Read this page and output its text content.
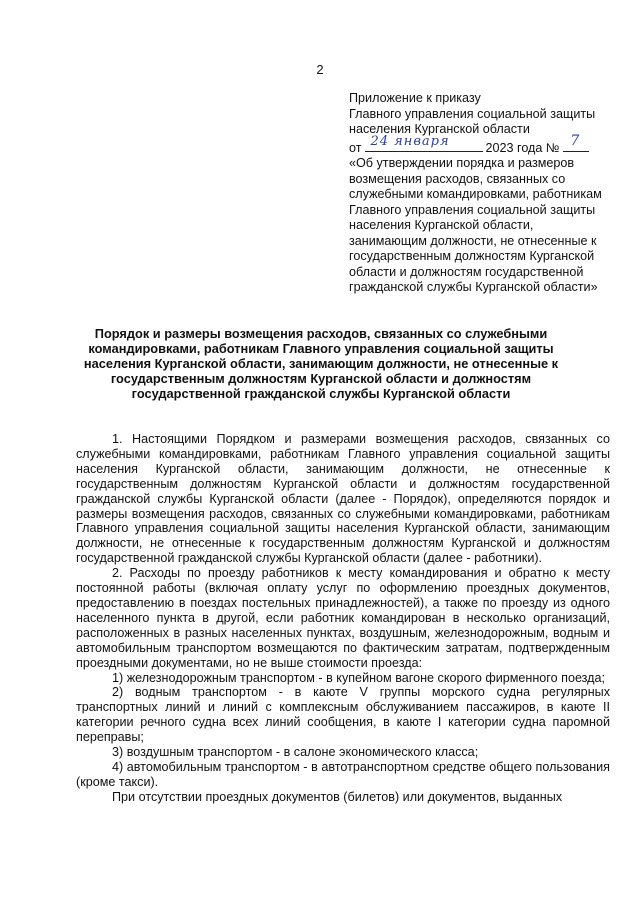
2
Приложение к приказу
Главного управления социальной защиты
населения Курганской области
от 24 января	2023 года № 7
«Об утверждении порядка и размеров возмещения расходов, связанных со служебными командировками, работникам Главного управления социальной защиты населения Курганской области, занимающим должности, не отнесенные к государственным должностям Курганской области и должностям государственной гражданской службы Курганской области»
Порядок и размеры возмещения расходов, связанных со служебными командировками, работникам Главного управления социальной защиты населения Курганской области, занимающим должности, не отнесенные к государственным должностям Курганской области и должностям государственной гражданской службы Курганской области

1. Настоящими Порядком и размерами возмещения расходов, связанных со служебными командировками, работникам Главного управления социальной защиты населения Курганской области, занимающим должности, не отнесенные к государственным должностям Курганской области и должностям государственной гражданской службы Курганской области (далее - Порядок), определяются порядок и размеры возмещения расходов, связанных со служебными командировками, работникам Главного управления социальной защиты населения Курганской области, занимающим должности, не отнесенные к государственным должностям Курганской и должностям государственной гражданской службы Курганской области (далее - работники).

2. Расходы по проезду работников к месту командирования и обратно к месту постоянной работы (включая оплату услуг по оформлению проездных документов, предоставлению в поездах постельных принадлежностей), а также по проезду из одного населенного пункта в другой, если работник командирован в несколько организаций, расположенных в разных населенных пунктах, воздушным, железнодорожным, водным и автомобильным транспортом возмещаются по фактическим затратам, подтвержденным проездными документами, но не выше стоимости проезда:

1) железнодорожным транспортом - в купейном вагоне скорого фирменного поезда;

2) водным транспортом - в каюте V группы морского судна регулярных транспортных линий и линий с комплексным обслуживанием пассажиров, в каюте II категории речного судна всех линий сообщения, в каюте I категории судна паромной переправы;

3) воздушным транспортом - в салоне экономического класса;

4) автомобильным транспортом - в автотранспортном средстве общего пользования (кроме такси).

При отсутствии проездных документов (билетов) или документов, выданных
